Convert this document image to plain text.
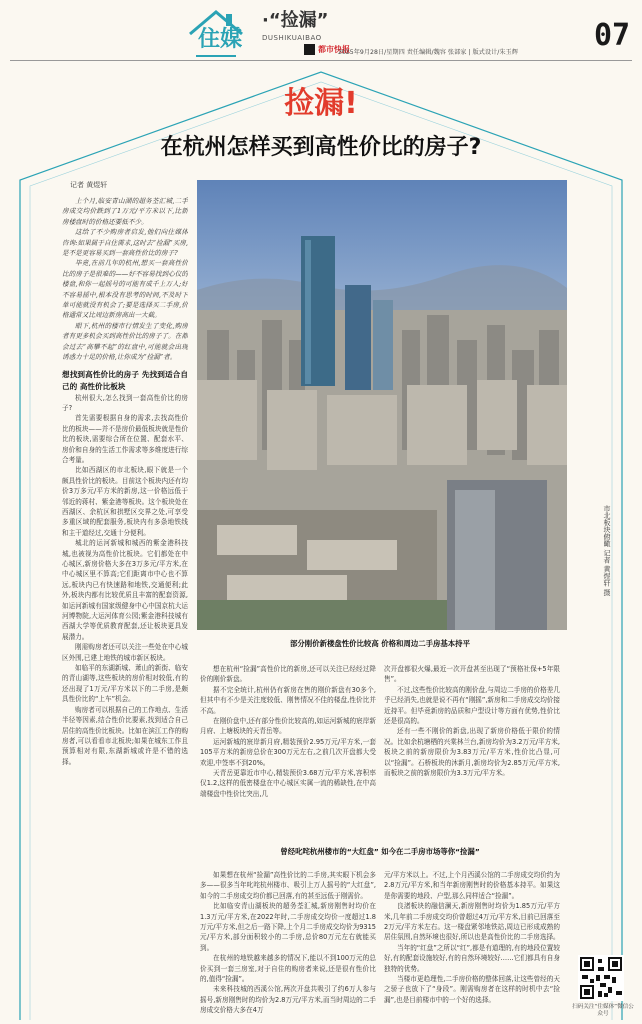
住媒
·“捡漏”
DUSHIKUAIBAO
都市快报
2025年9月28日/星期四 责任编辑/魏容 张部家 | 版式设计/朱玉辉	07
捡漏!
在杭州怎样买到高性价比的房子?
记者 黄煜轩

上个月,临安青山湖的超务荃汇城,二手房成交均价跌到了1万元/平方米以下,比新房楼盘时的价格还要低不少。

这给了不少购房者启发,他们向住媒体咨询:如果属于自住需求,这时去“捡漏”买房,是不是更容易买到一套高性价比的房子?

毕竟,在前几年的杭州,想买一套高性价比的房子是很难的——好不容易找到心仪的楼盘,和你一起摇号的可能有成千上万人;好不容易摇中,根本没有思考的时间,不及时下单可能就没有机会了;要是选择买二手房,价格通常又比周边新房高出一大截。

眼下,杭州的楼市行情发生了变化,购房者有更多机会买到高性价比的房子了。在都会过去“高攀不起”的红盘中,可能就会出现诱惑力十足的价格,让你成为“捡漏”者。

想找到高性价比的房子 先找到适合自己的 高性价比板块

杭州很大,怎么找到一套高性价比的房子?

首先需要根据自身的需求,去找高性价比的板块——并不是房价最低板块就是性价比的板块,需要综合所在位置、配套水平、房价和自身的生活工作需求等多维度进行综合考量。

比如西湖区的市北板块,眼下就是一个颇具性价比的板块。目前这个板块内还有均价3万多元/平方米的新房,这一价格远低于邻近的蒋村、紫金港等板块。这个板块处在西湖区、余杭区和拱墅区交界之处,可享受多重区域的配套服务,板块内有多条地铁线和主干道经过,交通十分便利。

城北的运河新城和城西的紫金港科技城,也被视为高性价比板块。它们都处在中心城区,新房价格大多在3万多元/平方米,在中心城区里不算高;它们距离市中心也不算远,板块内已有快速路和地铁,交通便利;此外,板块内都有比较优质且丰富的配套资源,如运河新城有国家级健身中心中国京杭大运河博物院,大运河体育公园;紫金港科技城有西湖大学等优质教育配套,还让板块更具发展潜力。

刚需购房者还可以关注一些处在中心城区外围,已建上地铁的城市新区板块。

如临平的东湖新城、萧山的新街、临安的青山湖等,这些板块的房价相对较低,有的还出现了1万元/平方米以下的二手房,是颇具性价比的“上车”机会。

购房者可以根据自己的工作地点、生活半径等因素,结合性价比要素,找到适合自己居住的高性价比板块。比如在滨江工作的购房者,可以看看市北板块;如果在城东工作且预算相对有限,东湖新城或许是不错的选择。

市北板块俯瞰 记者 黄煜轩 摄
部分刚价新楼盘性价比较高 价格和周边二手房基本持平

想在杭州“捡漏”高性价比的新房,还可以关注已经经过降价的刚价新盘。

据不完全统计,杭州仍有新房在售的刚价新盘有30多个,但其中有不少是关注度较低、刚售情况不佳的楼盘,性价比并不高。

在刚价盘中,还有部分性价比较高的,如运河新城的宸岸新月府、上塘板块的天青岳等。

运河新城的宸岸新月府,精装预价2.95万元/平方米,一套105平方米的新房总价在300万元左右,之前几次开盘都大受欢迎,中签率不到20%。

天青岳更靠近市中心,精装预价3.68万元/平方米,容积率仅1.2,这样的低密楼盘在中心城区实属一流的稀缺性,在中高端楼盘中性价比突出,几

次开盘都很火爆,最近一次开盘甚至出现了“预格社保+5年限售”。

不过,这些性价比较高的刚价盘,与周边二手房的价格差几乎已经消失,也就是说不再有“刚摇”,新房和二手房成交均价接近持平。但毕竟新房的品质和户型设计等方面有优势,性价比还是很高的。

还有一些不刚价的新盘,出现了新房价格低于限价的情况。比如余杭塘栖的兴棠林兰台,新房均价为3.2万元/平方米,板块之前的新房限价为3.83万元/平方米,性价比凸显,可以“捡漏”。石桥板块的沐新月,新房均价为2.85万元/平方米,而板块之前的新房限价为3.3万元/平方米。

曾经叱咤杭州楼市的“大红盘” 如今在二手房市场等你“捡漏”

如果想在杭州“捡漏”高性价比的二手房,其实眼下机会多多——很多当年叱咤杭州楼市、吸引上万人摇号的“大红盘”,如今的二手房成交均价都已回落,有的甚至远低于刚需价。

比如临安青山湖板块的超务荃汇城,新房刚售时均价在1.3万元/平方米,在2022年时,二手房成交均价一度超过1.8万元/平方米,但之后一路下降,上个月二手房成交均价为9315元/平方米,部分面积较小的二手房,总价80万元左右就能买到。

在杭州的地铁越来越多的情况下,能以不到100万元的总价买到一套三房室,对于自住的购房者来说,还是很有性价比的,值得“捡漏”。

未来科技城的西溪公馆,两次开盘共吸引了约6万人参与摇号,新房刚售时的均价为2.8万元/平方米,而当时周边的二手房成交价格大多在4万

元/平方米以上。不过,上个月西溪公馆的二手房成交均价约为2.8万元/平方米,和当年新房刚售时的价格基本持平。如果这是你需要的地段、户型,那么同样适合“捡漏”。

良渚板块的融信澜天,新房刚售时均价为1.85万元/平方米,几年前二手房成交均价曾超过4万元/平方米,目前已回落至2万元/平方米左右。这一楼盘紧邻地铁站,周边已形成成熟的居住氛围,自然环境也很好,所以也是高性价比的二手房选择。

当年的“红盘”之所以“红”,都是有道理的,有的地段位置较好,有的配套设施较好,有的自然环境较好……它们都具有自身独特的优势。

当楼市更趋理性,二手房价格的整体回落,让这些曾经的天之骄子也放下了“身段”。刚需购房者在这样的时机中去“捡漏”,也是目前楼市中的一个好的选择。

扫码关注“住媒体”微信公众号
